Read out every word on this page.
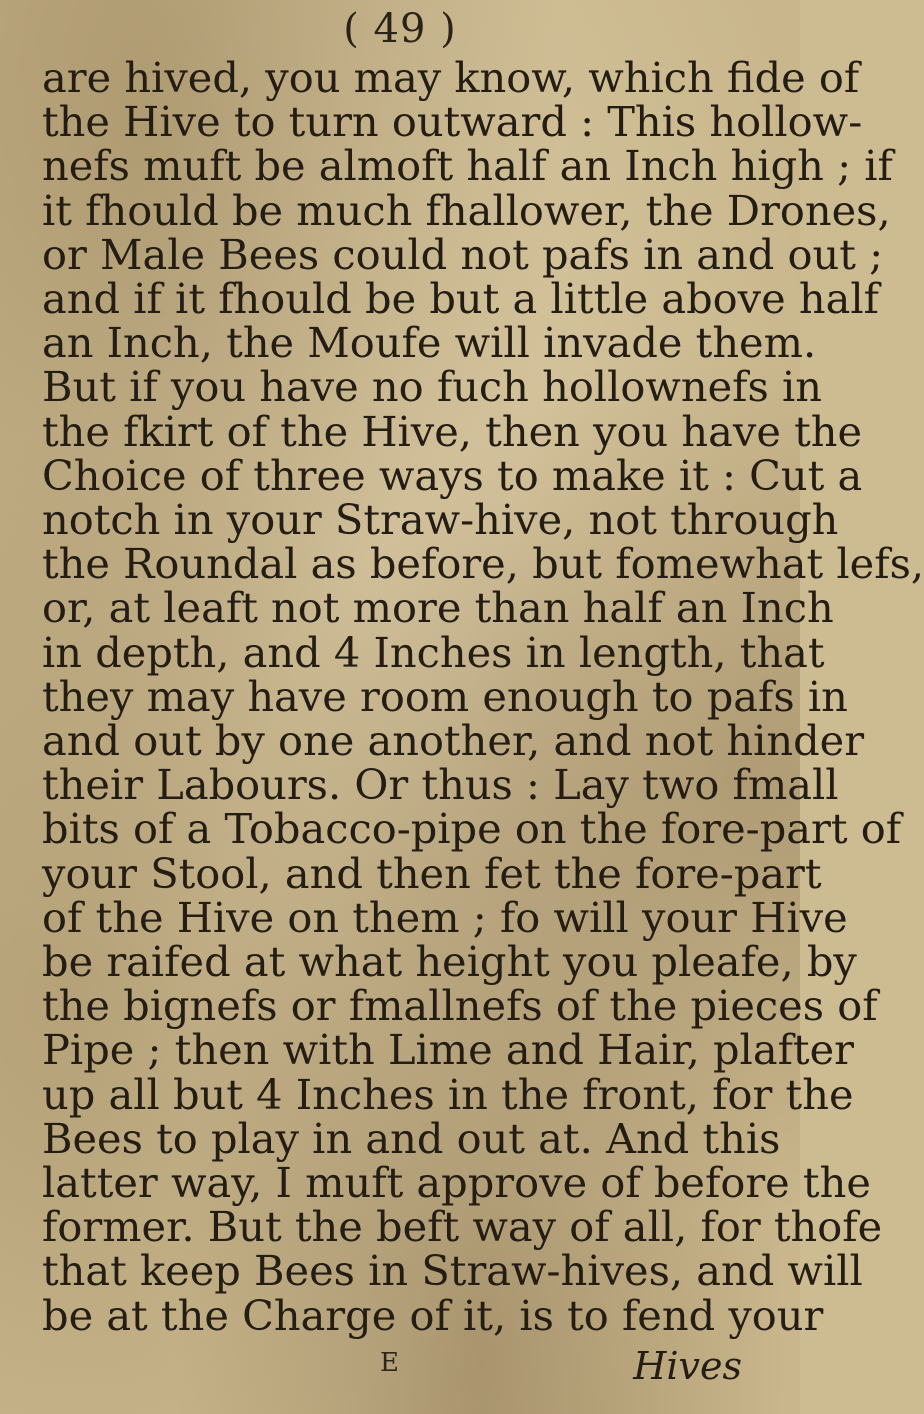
( 49 )
are hived, you may know, which fide of
the Hive to turn outward : This hollow-
nefs muft be almoft half an Inch high ; if
it fhould be much fhallower, the Drones,
or Male Bees could not pafs in and out ;
and if it fhould be but a little above half
an Inch, the Moufe will invade them.
But if you have no fuch hollownefs in
the fkirt of the Hive, then you have the
Choice of three ways to make it : Cut a
notch in your Straw-hive, not through
the Roundal as before, but fomewhat lefs,
or, at leaft not more than half an Inch
in depth, and 4 Inches in length, that
they may have room enough to pafs in
and out by one another, and not hinder
their Labours. Or thus : Lay two fmall
bits of a Tobacco-pipe on the fore-part of
your Stool, and then fet the fore-part
of the Hive on them ; fo will your Hive
be raifed at what height you pleafe, by
the bignefs or fmallnefs of the pieces of
Pipe ; then with Lime and Hair, plafter
up all but 4 Inches in the front, for the
Bees to play in and out at. And this
latter way, I muft approve of before the
former. But the beft way of all, for thofe
that keep Bees in Straw-hives, and will
be at the Charge of it, is to fend your
E	Hives
